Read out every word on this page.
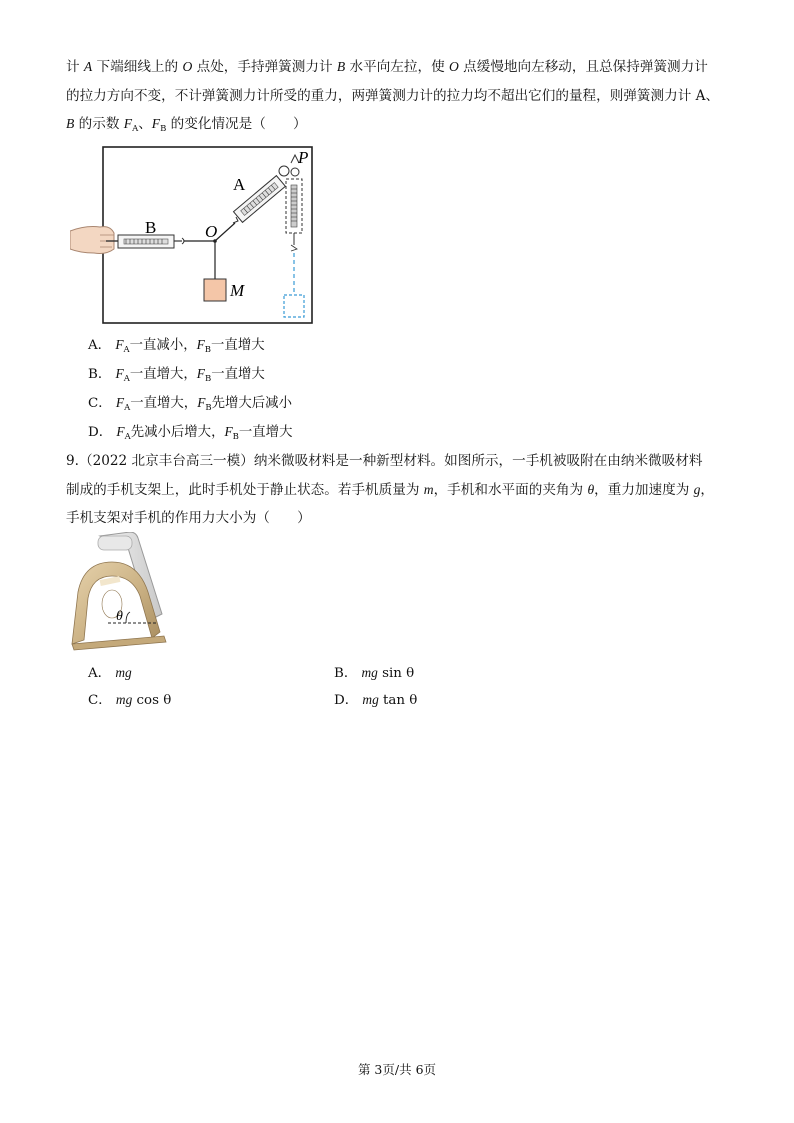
计 A 下端细线上的 O 点处，手持弹簧测力计 B 水平向左拉，使 O 点缓慢地向左移动，且总保持弹簧测力计
的拉力方向不变，不计弹簧测力计所受的重力，两弹簧测力计的拉力均不超出它们的量程，则弹簧测力计 A、
B 的示数 $F_A$、$F_B$ 的变化情况是（　　）
B	O
M
A
P
A． $F_A$一直减小，$F_B$一直增大
B． $F_A$一直增大，$F_B$一直增大
C． $F_A$一直增大，$F_B$先增大后减小
D． $F_A$先减小后增大，$F_B$一直增大
9.（2022 北京丰台高三一模）纳米微吸材料是一种新型材料。如图所示，一手机被吸附在由纳米微吸材料
制成的手机支架上，此时手机处于静止状态。若手机质量为 m，手机和水平面的夹角为 θ，重力加速度为 g，
手机支架对手机的作用力大小为（　　）
θ
A． mg	B． mg sin θ
C． mg cos θ	D． mg tan θ
第 3页/共 6页
